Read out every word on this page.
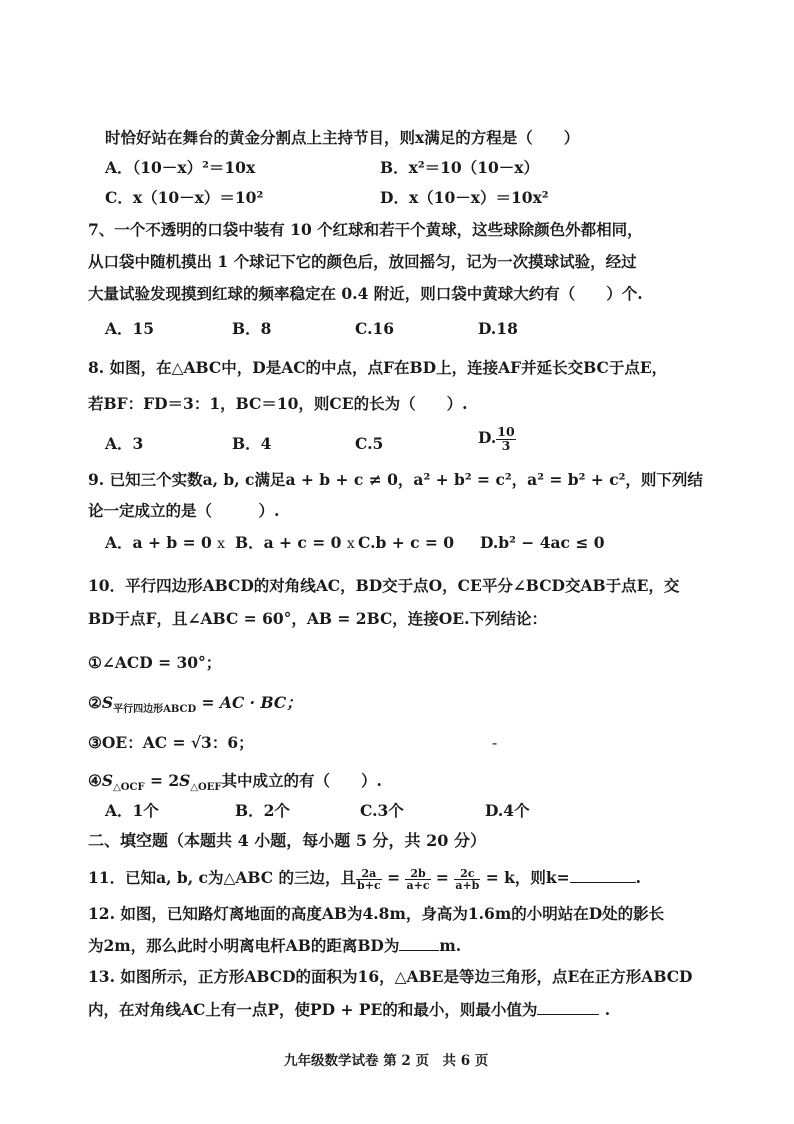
时恰好站在舞台的黄金分割点上主持节目，则x满足的方程是（　　）
A．（10－x）²＝10x	B．x²＝10（10－x）
C．x（10－x）＝10²	D．x（10－x）＝10x²
7、一个不透明的口袋中装有 10 个红球和若干个黄球，这些球除颜色外都相同，
从口袋中随机摸出 1 个球记下它的颜色后，放回摇匀，记为一次摸球试验，经过
大量试验发现摸到红球的频率稳定在 0.4 附近，则口袋中黄球大约有（　　）个.
A．15	B．8	C.16	D.18
8. 如图，在△ABC中，D是AC的中点，点F在BD上，连接AF并延长交BC于点E，
若BF：FD＝3：1，BC＝10，则CE的长为（　　）.
A．3	B．4	C.5	D. $\frac{10}{3}$
9. 已知三个实数a, b, c满足a + b + c ≠ 0，a² + b² = c²，a² = b² + c²，则下列结
论一定成立的是（　　　）.
A．a + b = 0 x B．a + c = 0 x C.b + c = 0 D.b² − 4ac ≤ 0
10．平行四边形ABCD的对角线AC，BD交于点O，CE平分∠BCD交AB于点E，交
BD于点F，且∠ABC = 60°，AB = 2BC，连接OE.下列结论：
①∠ACD = 30°；
$②S_{平行四边形ABCD}$ = AC · BC；
③OE：AC = √3：6；	-
$④S_{\triangle OCF} = 2S_{\triangle OEF}$其中成立的有（　　）.
A．1个	B．2个	C.3个	D.4个
二、填空题（本题共 4 小题，每小题 5 分，共 20 分）
11．已知a, b, c为△ABC 的三边，且 $\frac{2a}{b+c} = \frac{2b}{a+c} = \frac{2c}{a+b} = k$，则k=	.
12. 如图，已知路灯离地面的高度AB为4.8m，身高为1.6m的小明站在D处的影长
为2m，那么此时小明离电杆AB的距离BD为	m.
13. 如图所示，正方形ABCD的面积为16，△ABE是等边三角形，点E在正方形ABCD
内，在对角线AC上有一点P，使PD + PE的和最小，则最小值为	.
九年级数学试卷 第 2 页　共 6 页
